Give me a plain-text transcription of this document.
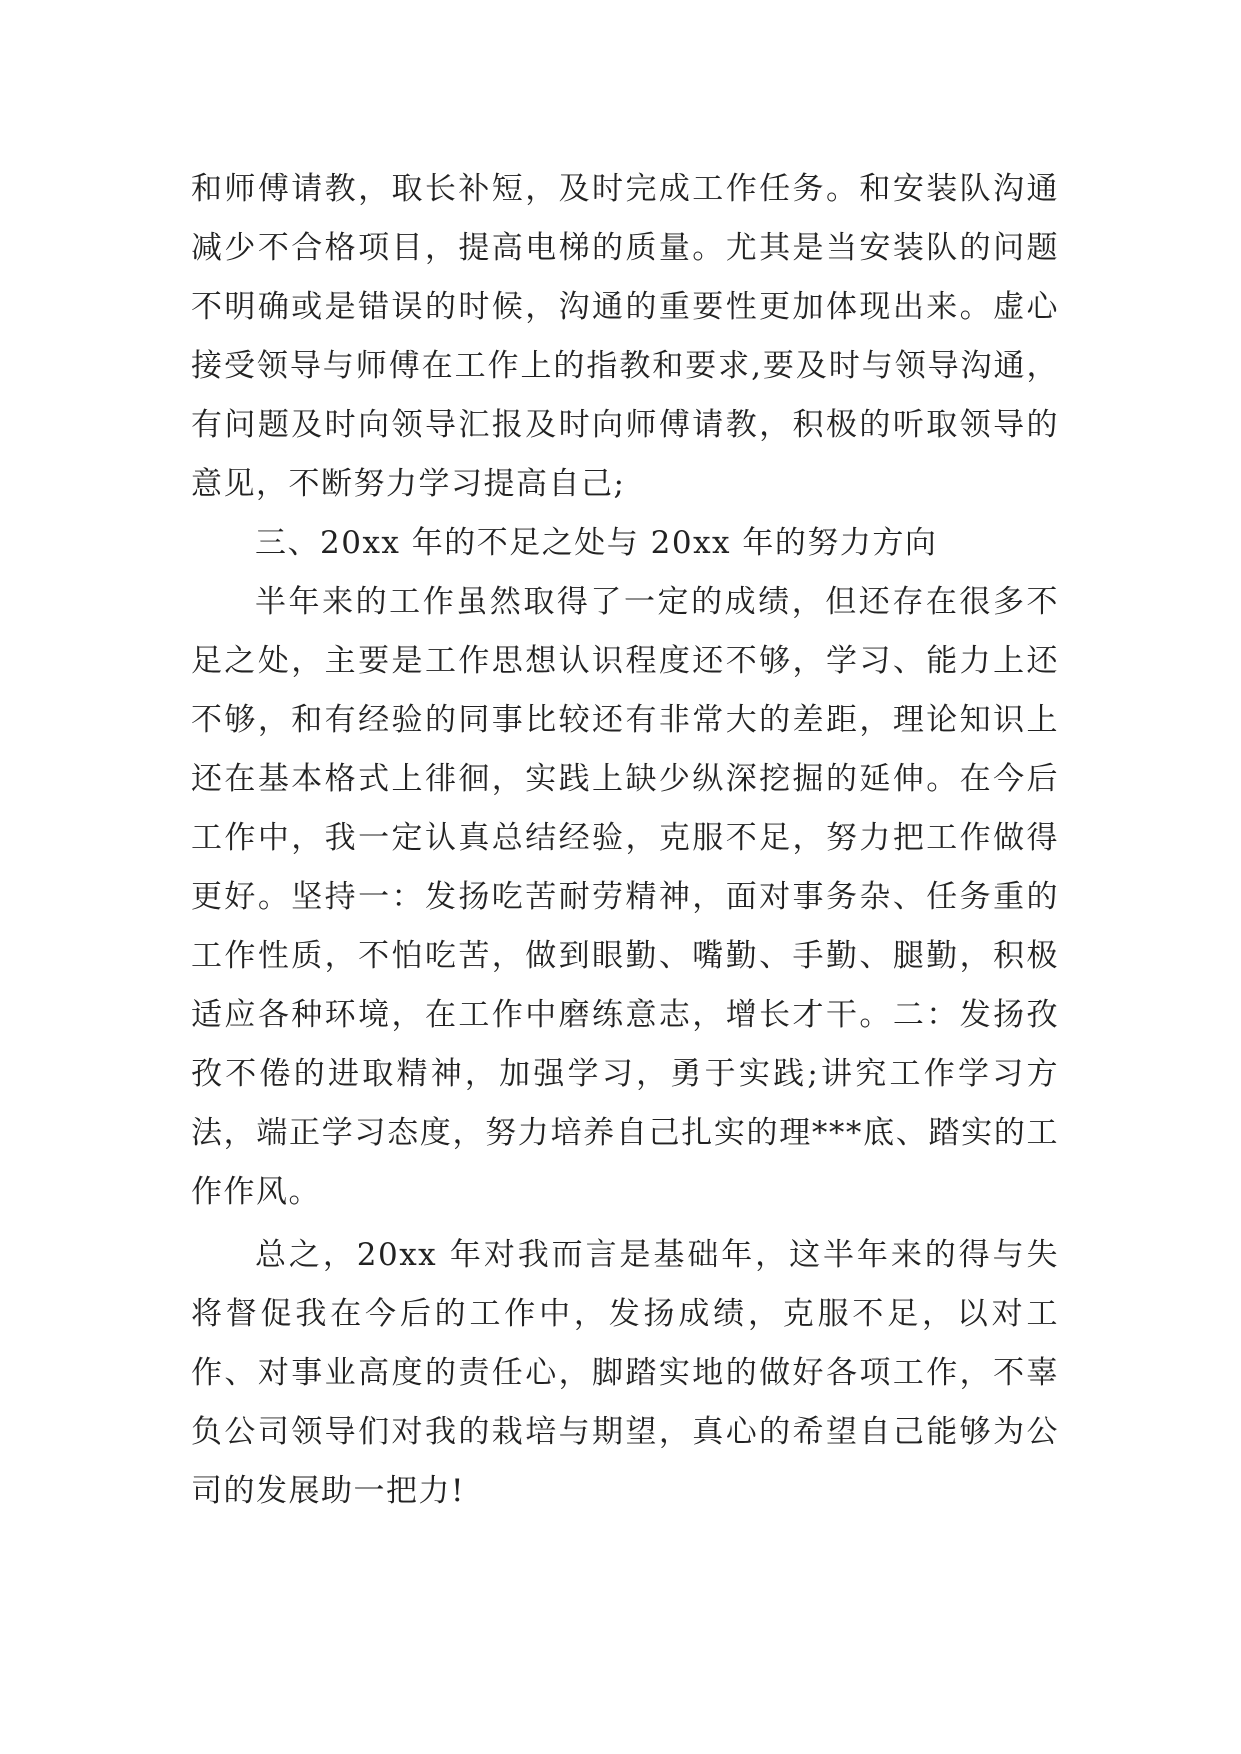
和师傅请教，取长补短，及时完成工作任务。和安装队沟通减少不合格项目，提高电梯的质量。尤其是当安装队的问题不明确或是错误的时候，沟通的重要性更加体现出来。虚心接受领导与师傅在工作上的指教和要求,要及时与领导沟通，有问题及时向领导汇报及时向师傅请教，积极的听取领导的意见，不断努力学习提高自己;

三、20xx 年的不足之处与 20xx 年的努力方向

半年来的工作虽然取得了一定的成绩，但还存在很多不足之处，主要是工作思想认识程度还不够，学习、能力上还不够，和有经验的同事比较还有非常大的差距，理论知识上还在基本格式上徘徊，实践上缺少纵深挖掘的延伸。在今后工作中，我一定认真总结经验，克服不足，努力把工作做得更好。坚持一：发扬吃苦耐劳精神，面对事务杂、任务重的工作性质，不怕吃苦，做到眼勤、嘴勤、手勤、腿勤，积极适应各种环境，在工作中磨练意志，增长才干。二：发扬孜孜不倦的进取精神，加强学习，勇于实践;讲究工作学习方法，端正学习态度，努力培养自己扎实的理***底、踏实的工作作风。

总之，20xx 年对我而言是基础年，这半年来的得与失将督促我在今后的工作中，发扬成绩，克服不足，以对工作、对事业高度的责任心，脚踏实地的做好各项工作，不辜负公司领导们对我的栽培与期望，真心的希望自己能够为公司的发展助一把力!
